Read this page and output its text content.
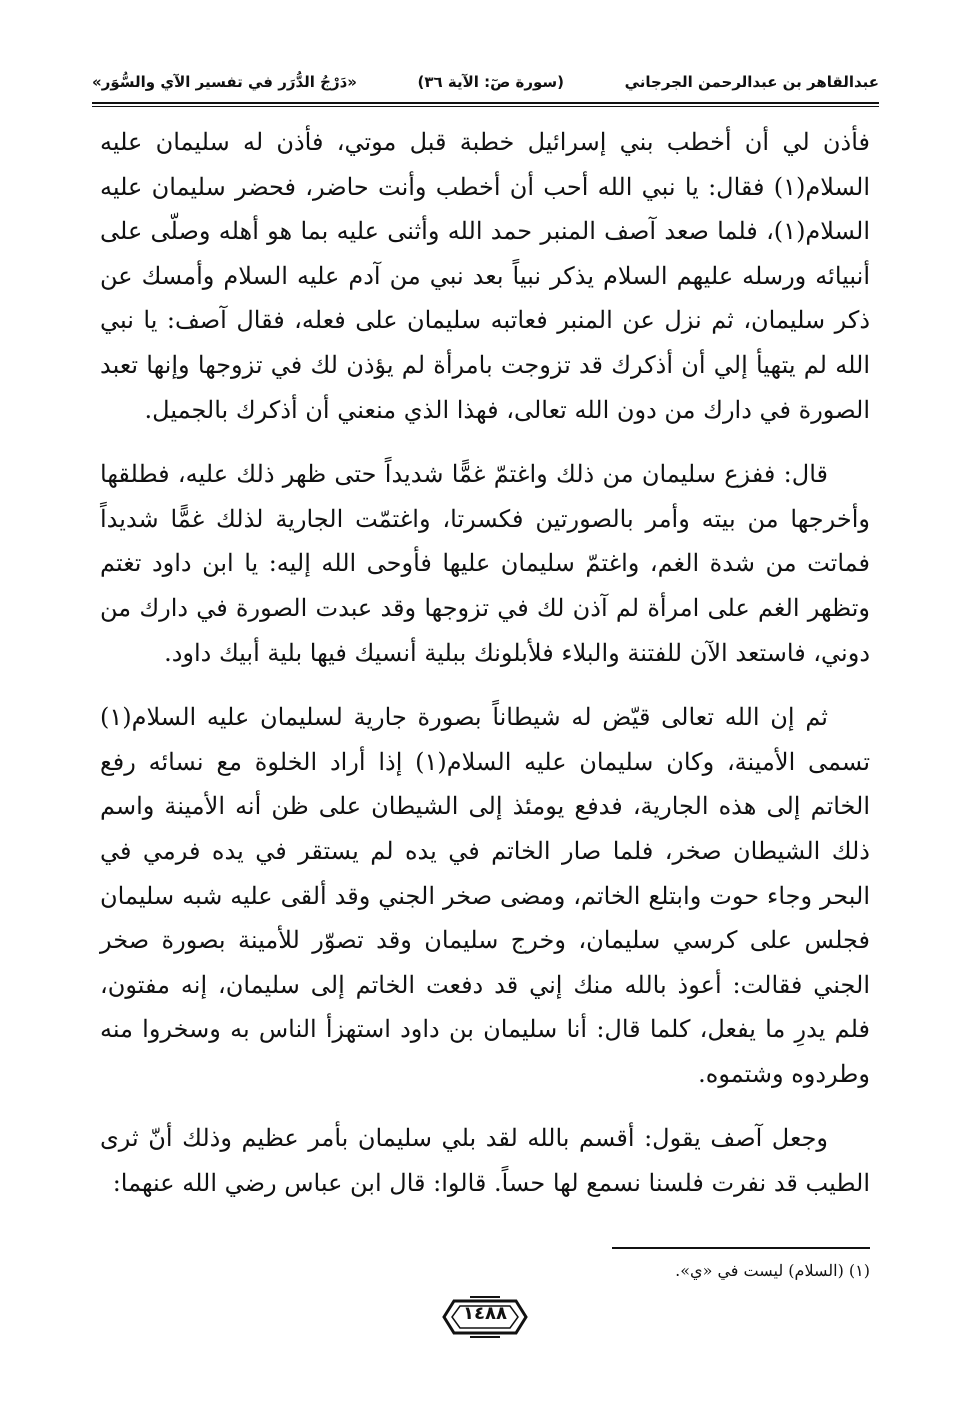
عبدالقاهر بن عبدالرحمن الجرجاني
(سورة صٓ: الآية ٣٦)
«دَرْجُ الدُّرَر في تفسير الآي والسُّوَر»

فأذن لي أن أخطب بني إسرائيل خطبة قبل موتي، فأذن له سليمان عليه السلام(١) فقال: يا نبي الله أحب أن أخطب وأنت حاضر، فحضر سليمان عليه السلام(١)، فلما صعد آصف المنبر حمد الله وأثنى عليه بما هو أهله وصلّى على أنبيائه ورسله عليهم السلام يذكر نبياً بعد نبي من آدم عليه السلام وأمسك عن ذكر سليمان، ثم نزل عن المنبر فعاتبه سليمان على فعله، فقال آصف: يا نبي الله لم يتهيأ إلي أن أذكرك قد تزوجت بامرأة لم يؤذن لك في تزوجها وإنها تعبد الصورة في دارك من دون الله تعالى، فهذا الذي منعني أن أذكرك بالجميل.

قال: ففزع سليمان من ذلك واغتمّ غمًّا شديداً حتى ظهر ذلك عليه، فطلقها وأخرجها من بيته وأمر بالصورتين فكسرتا، واغتمّت الجارية لذلك غمًّا شديداً فماتت من شدة الغم، واغتمّ سليمان عليها فأوحى الله إليه: يا ابن داود تغتم وتظهر الغم على امرأة لم آذن لك في تزوجها وقد عبدت الصورة في دارك من دوني، فاستعد الآن للفتنة والبلاء فلأبلونك ببلية أنسيك فيها بلية أبيك داود.

ثم إن الله تعالى قيّض له شيطاناً بصورة جارية لسليمان عليه السلام(١) تسمى الأمينة، وكان سليمان عليه السلام(١) إذا أراد الخلوة مع نسائه رفع الخاتم إلى هذه الجارية، فدفع يومئذ إلى الشيطان على ظن أنه الأمينة واسم ذلك الشيطان صخر، فلما صار الخاتم في يده لم يستقر في يده فرمي في البحر وجاء حوت وابتلع الخاتم، ومضى صخر الجني وقد ألقى عليه شبه سليمان فجلس على كرسي سليمان، وخرج سليمان وقد تصوّر للأمينة بصورة صخر الجني فقالت: أعوذ بالله منك إني قد دفعت الخاتم إلى سليمان، إنه مفتون، فلم يدرِ ما يفعل، كلما قال: أنا سليمان بن داود استهزأ الناس به وسخروا منه وطردوه وشتموه.

وجعل آصف يقول: أقسم بالله لقد بلي سليمان بأمر عظيم وذلك أنّ ثرى الطيب قد نفرت فلسنا نسمع لها حساً. قالوا: قال ابن عباس رضي الله عنهما:

(١) (السلام) ليست في «ي».
١٤٨٨
